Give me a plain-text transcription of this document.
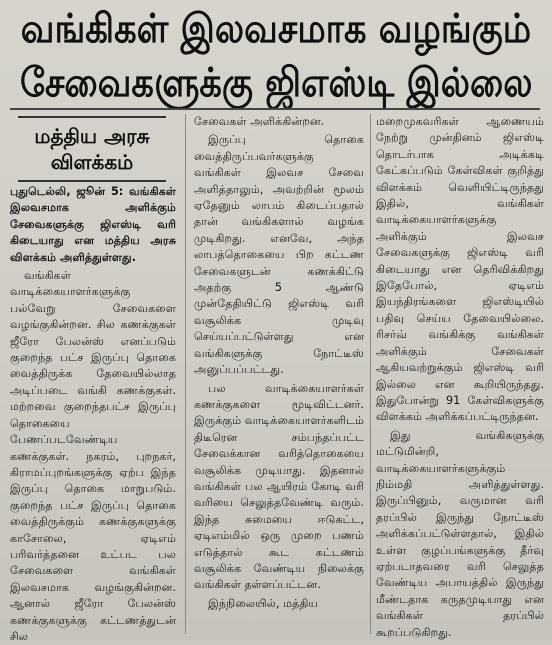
வங்கிகள் இலவசமாக வழங்கும்
சேவைகளுக்கு ஜிஎஸ்டி இல்லை
மத்திய அரசு
விளக்கம்

புதுடெல்லி, ஜூன் 5: வங்கிகள் இலவசமாக அளிக்கும் சேவைகளுக்கு ஜிஎஸ்டி வரி கிடையாது என மத்திய அரசு விளக்கம் அளித்துள்ளது.

வங்கிகள் வாடிக்கையாளர்களுக்கு பல்வேறு சேவைகளை வழங்குகின்றன. சில கணக்குகள் ஜீரோ பேலன்ஸ் எனப்படும் குறைந்த பட்ச இருப்பு தொகை வைத்திருக்க தேவையில்லாத அடிப்படை வங்கி கணக்குகள். மற்றவை குறைந்தபட்ச இருப்பு தொகையை பேணப்படவேண்டிய கணக்குகள். நகரம், புறநகர், கிராமப்புறங்களுக்கு ஏற்ப இந்த இருப்பு தொகை மாறுபடும். குறைந்த பட்ச இருப்பு தொகை வைத்திருக்கும் கணக்குகளுக்கு காசோலை, ஏடிஎம் பரிவர்த்தனை உட்பட பல சேவைகளை வங்கிகள் இலவசமாக வழங்குகின்றன. ஆனால் ஜீரோ பேலன்ஸ் கணக்குகளுக்கு கட்டணத்துடன் சில

சேவைகள் அளிக்கின்றன.

இருப்பு தொகை வைத்திருப்பவர்களுக்கு வங்கிகள் இலவச சேவை அளித்தாலும், அவற்றின் மூலம் ஏதேனும் லாபம் கிடைப்பதால் தான் வங்கிகளால் வழங்க முடிகிறது. எனவே, அந்த லாபத்தொகையை பிற கட்டண சேவைகளுடன் கணக்கிட்டு அதற்கு 5 ஆண்டு முன்தேதியிட்டு ஜிஎஸ்டி வரி வசூலிக்க முடிவு செய்யப்பட்டுள்ளது என வங்கிகளுக்கு நோட்டீஸ் அனுப்பப்பட்டது.

பல வாடிக்கையாளர்கள் கணக்குகளை மூடிவிட்டனர். இருக்கும் வாடிக்கையாளர்களிடம் திடீரென சம்பந்தப்பட்ட சேவைக்கான வரித்தொகையை வசூலிக்க முடியாது. இதனால் வங்கிகள் பல ஆயிரம் கோடி வரி வரியை செலுத்தவேண்டி வரும். இந்த சுமையை ஈடுகட்ட, ஏடிஎம்மில் ஒரு முறை பணம் எடுத்தால் கூட கட்டணம் வசூலிக்க வேண்டிய நிலைக்கு வங்கிகள் தள்ளப்பட்டன.

இந்நிலையில், மத்திய

மறைமுகவரிகள் ஆணையம் நேற்று முன்தினம் ஜிஎஸ்டி தொடர்பாக அடிக்கடி கேட்கப்படும் கேள்விகள் குறித்து விளக்கம் வெளியிட்டிருந்தது இதில், வங்கிகள் வாடிக்கையாளர்களுக்கு அளிக்கும் இலவச சேவைகளுக்கு ஜிஎஸ்டி வரி கிடையாது என தெரிவிக்கிறது இதேபோல், ஏடிஎம் இயந்திரங்களை ஜிஎஸ்டியில் பதிவு செய்ய தேவையில்லை. ரிசர்வ் வங்கிக்கு வங்கிகள் அளிக்கும் சேவைகள் ஆகியவற்றுக்கும் ஜிஎஸ்டி வரி இல்லை என கூறியிருந்தது. இதுபோன்று 91 கேள்விகளுக்கு விளக்கம் அளிக்கப்பட்டிருந்தன.

இது வங்கிகளுக்கு மட்டுமின்றி, வாடிக்கையாளர்களுக்கும் நிம்மதி அளித்துள்ளது. இருப்பினும், வருமான வரி தரப்பில் இருந்து நோட்டீஸ் அளிக்கப்பட்டுள்ளதால், இதில் உள்ள குழப்பங்களுக்கு தீர்வு ஏற்படாதவரை வரி செலுத்த வேண்டிய அபாயத்தில் இருந்து மீண்டதாக கருதமுடியாது என வங்கிகள் தரப்பில் கூறப்படுகிறது.
